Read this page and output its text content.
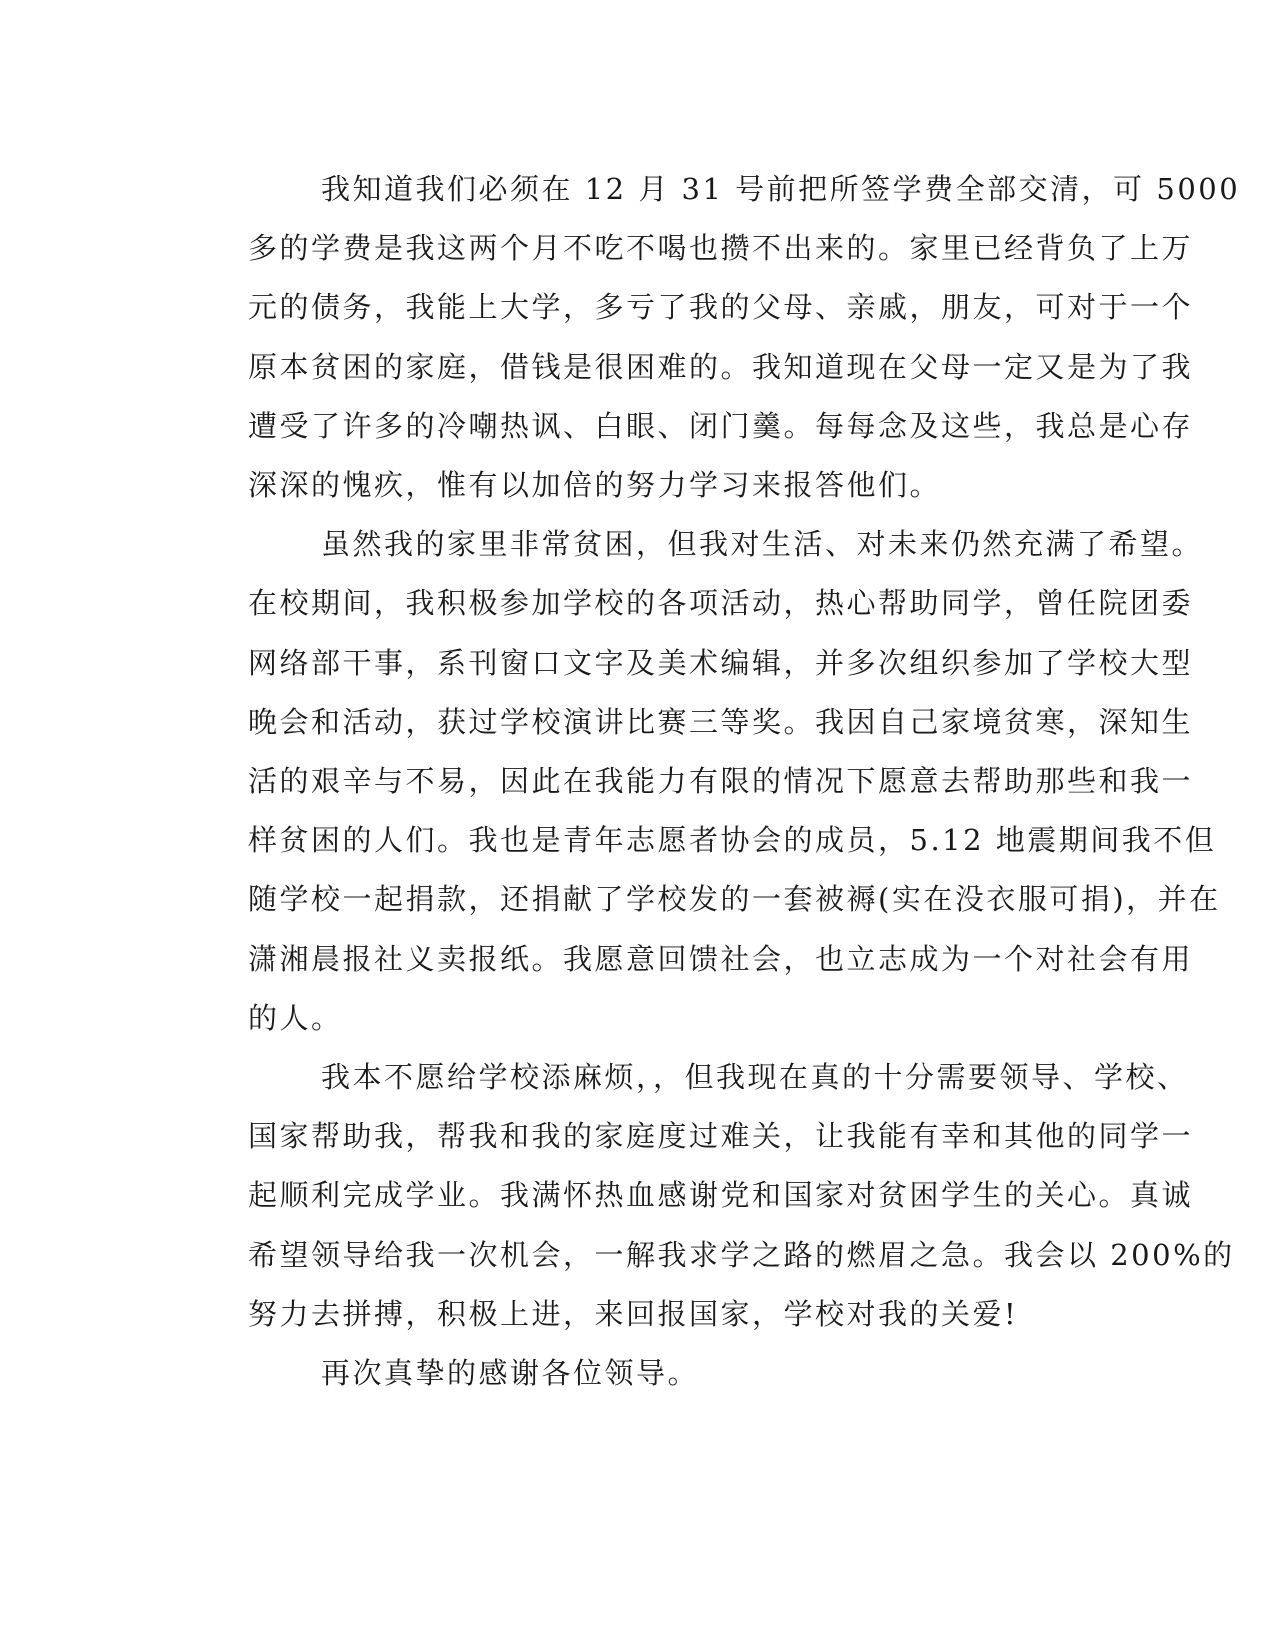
我知道我们必须在 12 月 31 号前把所签学费全部交清，可 5000
多的学费是我这两个月不吃不喝也攒不出来的。家里已经背负了上万
元的债务，我能上大学，多亏了我的父母、亲戚，朋友，可对于一个
原本贫困的家庭，借钱是很困难的。我知道现在父母一定又是为了我
遭受了许多的冷嘲热讽、白眼、闭门羹。每每念及这些，我总是心存
深深的愧疚，惟有以加倍的努力学习来报答他们。
虽然我的家里非常贫困，但我对生活、对未来仍然充满了希望。
在校期间，我积极参加学校的各项活动，热心帮助同学，曾任院团委
网络部干事，系刊窗口文字及美术编辑，并多次组织参加了学校大型
晚会和活动，获过学校演讲比赛三等奖。我因自己家境贫寒，深知生
活的艰辛与不易，因此在我能力有限的情况下愿意去帮助那些和我一
样贫困的人们。我也是青年志愿者协会的成员，5.12 地震期间我不但
随学校一起捐款，还捐献了学校发的一套被褥(实在没衣服可捐)，并在
潇湘晨报社义卖报纸。我愿意回馈社会，也立志成为一个对社会有用
的人。
我本不愿给学校添麻烦，，但我现在真的十分需要领导、学校、
国家帮助我，帮我和我的家庭度过难关，让我能有幸和其他的同学一
起顺利完成学业。我满怀热血感谢党和国家对贫困学生的关心。真诚
希望领导给我一次机会，一解我求学之路的燃眉之急。我会以 200%的
努力去拼搏，积极上进，来回报国家，学校对我的关爱!
再次真挚的感谢各位领导。
